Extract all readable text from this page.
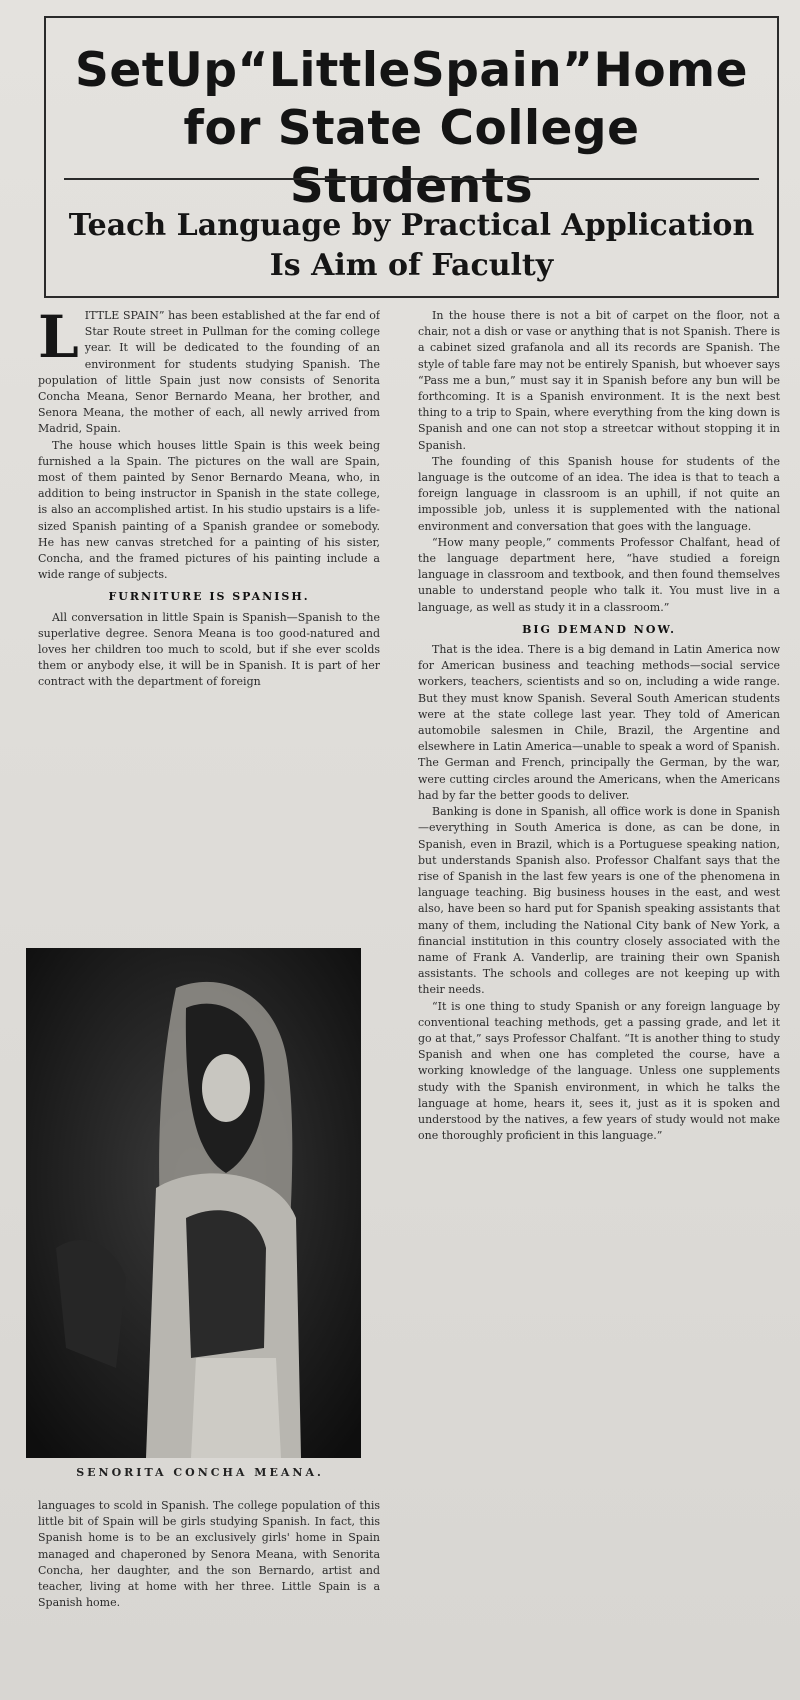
SetUp“LittleSpain”Home
for State College Students
Teach Language by Practical Application
Is Aim of Faculty

L ITTLE SPAIN” has been established at the far end of Star Route street in Pullman for the coming college year. It will be dedicated to the founding of an environment for students studying Spanish. The population of little Spain just now consists of Senorita Concha Meana, Senor Bernardo Meana, her brother, and Senora Meana, the mother of each, all newly arrived from Madrid, Spain.

The house which houses little Spain is this week being furnished a la Spain. The pictures on the wall are Spain, most of them painted by Senor Bernardo Meana, who, in addition to being instructor in Spanish in the state college, is also an accomplished artist. In his studio upstairs is a life-sized Spanish painting of a Spanish grandee or somebody. He has new canvas stretched for a painting of his sister, Concha, and the framed pictures of his painting include a wide range of subjects.

FURNITURE IS SPANISH.

All conversation in little Spain is Spanish—Spanish to the superlative degree. Senora Meana is too good-natured and loves her children too much to scold, but if she ever scolds them or anybody else, it will be in Spanish. It is part of her contract with the department of foreign

SENORITA CONCHA MEANA.

languages to scold in Spanish. The college population of this little bit of Spain will be girls studying Spanish. In fact, this Spanish home is to be an exclusively girls' home in Spain managed and chaperoned by Senora Meana, with Senorita Concha, her daughter, and the son Bernardo, artist and teacher, living at home with her three. Little Spain is a Spanish home.

In the house there is not a bit of carpet on the floor, not a chair, not a dish or vase or anything that is not Spanish. There is a cabinet sized grafanola and all its records are Spanish. The style of table fare may not be entirely Spanish, but whoever says “Pass me a bun,” must say it in Spanish before any bun will be forthcoming. It is a Spanish environment. It is the next best thing to a trip to Spain, where everything from the king down is Spanish and one can not stop a streetcar without stopping it in Spanish.

The founding of this Spanish house for students of the language is the outcome of an idea. The idea is that to teach a foreign language in classroom is an uphill, if not quite an impossible job, unless it is supplemented with the national environment and conversation that goes with the language.

“How many people,” comments Professor Chalfant, head of the language department here, “have studied a foreign language in classroom and textbook, and then found themselves unable to understand people who talk it. You must live in a language, as well as study it in a classroom.”

BIG DEMAND NOW.

That is the idea. There is a big demand in Latin America now for American business and teaching methods—social service workers, teachers, scientists and so on, including a wide range. But they must know Spanish. Several South American students were at the state college last year. They told of American automobile salesmen in Chile, Brazil, the Argentine and elsewhere in Latin America—unable to speak a word of Spanish. The German and French, principally the German, by the war, were cutting circles around the Americans, when the Americans had by far the better goods to deliver.

Banking is done in Spanish, all office work is done in Spanish—everything in South America is done, as can be done, in Spanish, even in Brazil, which is a Portuguese speaking nation, but understands Spanish also. Professor Chalfant says that the rise of Spanish in the last few years is one of the phenomena in language teaching. Big business houses in the east, and west also, have been so hard put for Spanish speaking assistants that many of them, including the National City bank of New York, a financial institution in this country closely associated with the name of Frank A. Vanderlip, are training their own Spanish assistants. The schools and colleges are not keeping up with their needs.

“It is one thing to study Spanish or any foreign language by conventional teaching methods, get a passing grade, and let it go at that,” says Professor Chalfant. “It is another thing to study Spanish and when one has completed the course, have a working knowledge of the language. Unless one supplements study with the Spanish environment, in which he talks the language at home, hears it, sees it, just as it is spoken and understood by the natives, a few years of study would not make one thoroughly proficient in this language.”
